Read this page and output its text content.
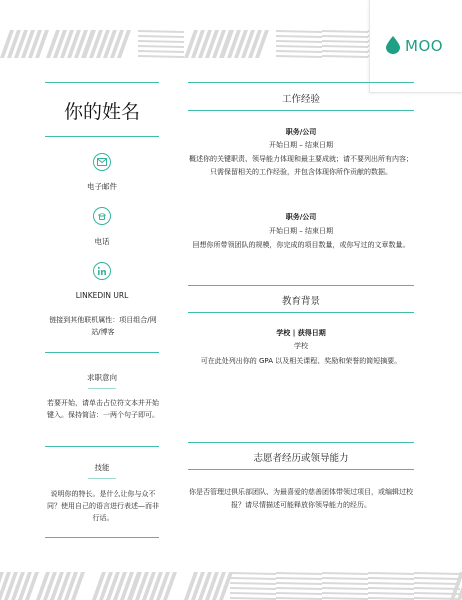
MOO
你的姓名
电子邮件
电话
LINKEDIN URL
链接到其他联机属性：项目组合/网站/博客
求职意向
若要开始，请单击占位符文本并开始键入。保持简洁：一两个句子即可。
技能
说明你的特长。是什么让你与众不同？使用自己的语言进行表述—而非行话。
工作经验
职务/公司
开始日期 – 结束日期
概述你的关键职责、领导能力体现和最主要成就；请不要列出所有内容；只需保留相关的工作经验，并包含体现你所作贡献的数据。
职务/公司
开始日期 – 结束日期
回想你所带领团队的规模，你完成的项目数量，或你写过的文章数量。
教育背景
学校 | 获得日期
学校
可在此处列出你的 GPA 以及相关课程、奖励和荣誉的简短摘要。
志愿者经历或领导能力
你是否管理过俱乐部团队、为最喜爱的慈善团体带领过项目，或编辑过校报？请尽情描述可能释放你领导能力的经历。
